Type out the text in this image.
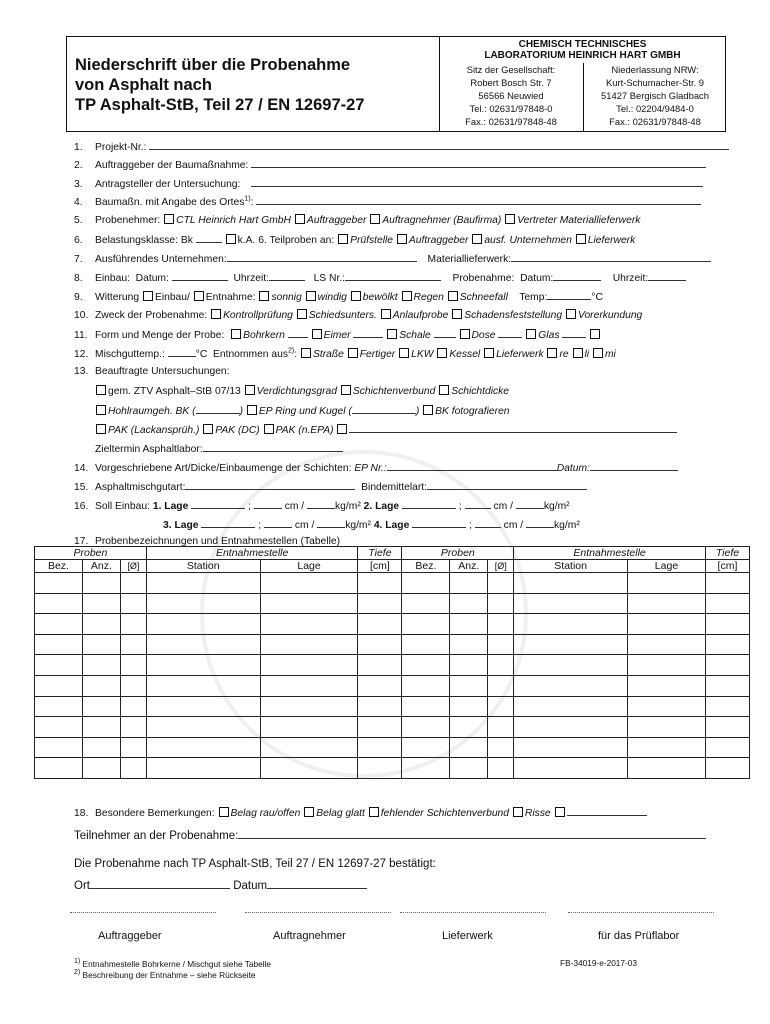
Niederschrift über die Probenahme
von Asphalt nach
TP Asphalt-StB, Teil 27 / EN 12697-27
CHEMISCH TECHNISCHES
LABORATORIUM HEINRICH HART GMBH
Sitz der Gesellschaft:
Robert Bosch Str. 7
56566 Neuwied
Tel.: 02631/97848-0
Fax.: 02631/97848-48
Niederlassung NRW:
Kurt-Schumacher-Str. 9
51427 Bergisch Gladbach
Tel.: 02204/9484-0
Fax.: 02631/97848-48
1. Projekt-Nr.:
2. Auftraggeber der Baumaßnahme:
3. Antragsteller der Untersuchung:
4. Baumaßn. mit Angabe des Ortes$^{1)}$:
5. Probenehmer: CTL Heinrich Hart GmbH Auftraggeber Auftragnehmer (Baufirma) Vertreter Materiallieferwerk
6. Belastungsklasse: Bk	k.A. 6. Teilproben an: Prüfstelle Auftraggeber ausf. Unternehmen Lieferwerk
7. Ausführendes Unternehmen:	Materiallieferwerk:
8. Einbau: Datum:	Uhrzeit:	LS Nr.:	Probenahme: Datum:	Uhrzeit:
9. Witterung Einbau/ Entnahme: sonnig windig bewölkt Regen Schneefall Temp:	°C
10. Zweck der Probenahme: Kontrollprüfung Schiedsunters. Anlaufprobe Schadensfeststellung Vorerkundung
11. Form und Menge der Probe: Bohrkern	Eimer	Schale	Dose	Glas
12. Mischguttemp.:	°C Entnommen aus$^{2)}$: Straße Fertiger LKW Kessel Lieferwerk re li mi
13. Beauftragte Untersuchungen:
gem. ZTV Asphalt–StB 07/13 Verdichtungsgrad Schichtenverbund Schichtdicke
Hohlraumgeh. BK (	) EP Ring und Kugel (	) BK fotografieren
PAK (Lackansprüh.) PAK (DC) PAK (n.EPA)
Zieltermin Asphaltlabor:
14. Vorgeschriebene Art/Dicke/Einbaumenge der Schichten: EP Nr.:	Datum:
15. Asphaltmischgutart:	Bindemittelart:
16. Soll Einbau: 1. Lage	;	cm /	kg/m² 2. Lage	;	cm /	kg/m²
3. Lage	;	cm /	kg/m² 4. Lage	;	cm /	kg/m²
17. Probenbezeichnungen und Entnahmestellen (Tabelle)
Proben			Entnahmestelle		Tiefe	Proben			Entnahmestelle		Tiefe
Bez.	Anz.	[Ø]	Station	Lage	[cm]	Bez.	Anz.	[Ø]	Station	Lage	[cm]

18. Besondere Bemerkungen: Belag rau/offen Belag glatt fehlender Schichtenverbund Risse
Teilnehmer an der Probenahme:
Die Probenahme nach TP Asphalt-StB, Teil 27 / EN 12697-27 bestätigt:
Ort	Datum
Auftraggeber	Auftragnehmer	Lieferwerk	für das Prüflabor
$^{1)}$ Entnahmestelle Bohrkerne / Mischgut siehe Tabelle
$^{2)}$ Beschreibung der Entnahme – siehe Rückseite
FB-34019-e-2017-03
